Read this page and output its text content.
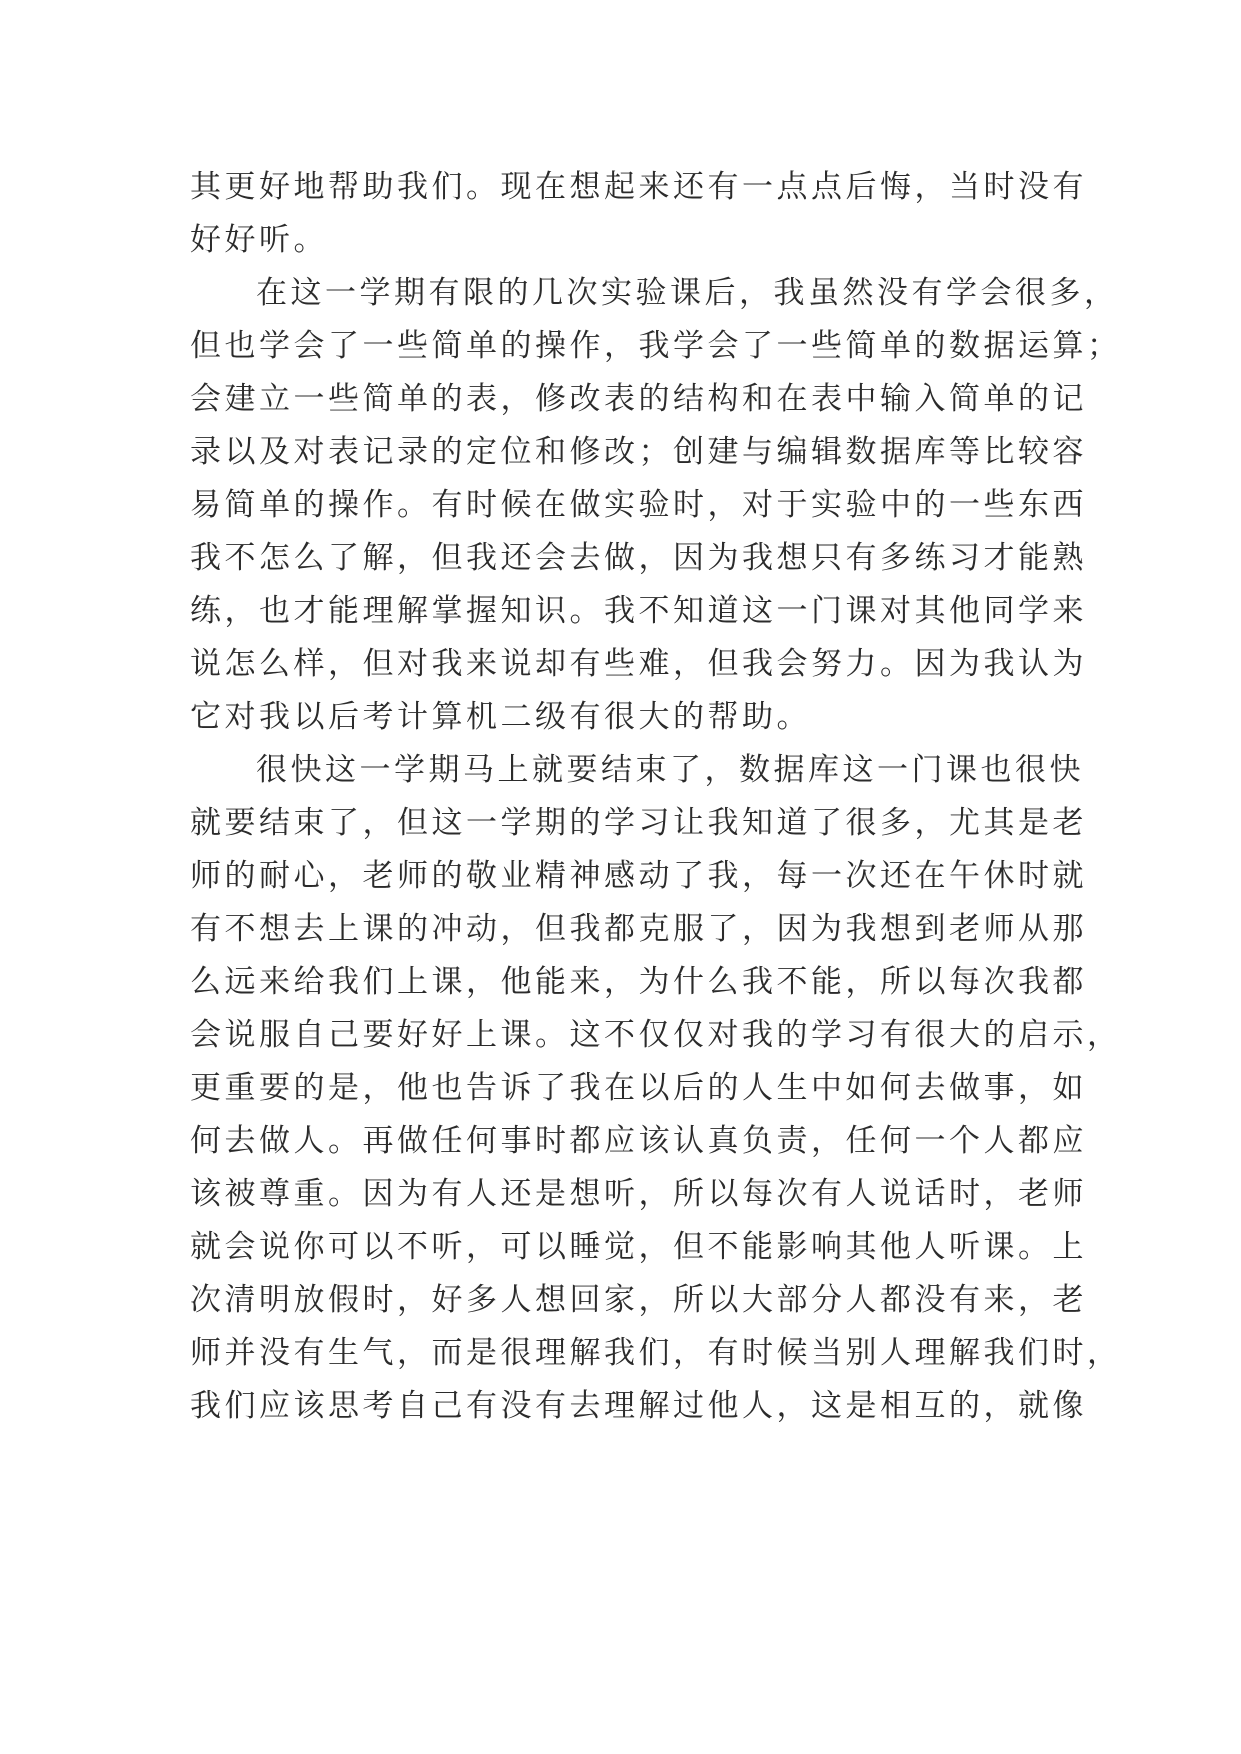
其更好地帮助我们。现在想起来还有一点点后悔，当时没有
好好听。
在这一学期有限的几次实验课后，我虽然没有学会很多，
但也学会了一些简单的操作，我学会了一些简单的数据运算；
会建立一些简单的表，修改表的结构和在表中输入简单的记
录以及对表记录的定位和修改；创建与编辑数据库等比较容
易简单的操作。有时候在做实验时，对于实验中的一些东西
我不怎么了解，但我还会去做，因为我想只有多练习才能熟
练，也才能理解掌握知识。我不知道这一门课对其他同学来
说怎么样，但对我来说却有些难，但我会努力。因为我认为
它对我以后考计算机二级有很大的帮助。
很快这一学期马上就要结束了，数据库这一门课也很快
就要结束了，但这一学期的学习让我知道了很多，尤其是老
师的耐心，老师的敬业精神感动了我，每一次还在午休时就
有不想去上课的冲动，但我都克服了，因为我想到老师从那
么远来给我们上课，他能来，为什么我不能，所以每次我都
会说服自己要好好上课。这不仅仅对我的学习有很大的启示，
更重要的是，他也告诉了我在以后的人生中如何去做事，如
何去做人。再做任何事时都应该认真负责，任何一个人都应
该被尊重。因为有人还是想听，所以每次有人说话时，老师
就会说你可以不听，可以睡觉，但不能影响其他人听课。上
次清明放假时，好多人想回家，所以大部分人都没有来，老
师并没有生气，而是很理解我们，有时候当别人理解我们时，
我们应该思考自己有没有去理解过他人，这是相互的，就像
